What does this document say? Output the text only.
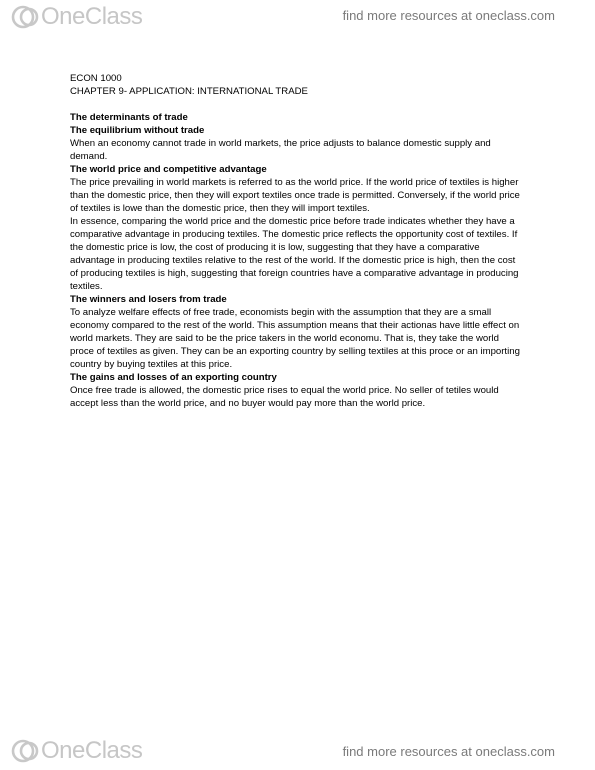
OneClass	find more resources at oneclass.com
ECON 1000
CHAPTER 9- APPLICATION: INTERNATIONAL TRADE
The determinants of trade
The equilibrium without trade
When an economy cannot trade in world markets, the price adjusts to balance domestic supply and demand.
The world price and competitive advantage
The price prevailing in world markets is referred to as the world price. If the world price of textiles is higher than the domestic price, then they will export textiles once trade is permitted. Conversely, if the world price of textiles is lowe than the domestic price, then they will import textiles.
In essence, comparing the world price and the domestic price before trade indicates whether they have a comparative advantage in producing textiles. The domestic price reflects the opportunity cost of textiles. If the domestic price is low, the cost of producing it is low, suggesting that they have a comparative advantage in producing textiles relative to the rest of the world. If the domestic price is high, then the cost of producing textiles is high, suggesting that foreign countries have a comparative advantage in producing textiles.
The winners and losers from trade
To analyze welfare effects of free trade, economists begin with the assumption that they are a small economy compared to the rest of the world. This assumption means that their actionas have little effect on world markets. They are said to be the price takers in the world economu. That is, they take the world proce of textiles as given. They can be an exporting country by selling textiles at this proce or an importing country by buying textiles at this price.
The gains and losses of an exporting country
Once free trade is allowed, the domestic price rises to equal the world price. No seller of tetiles would accept less than the world price, and no buyer would pay more than the world price.
OneClass	find more resources at oneclass.com
